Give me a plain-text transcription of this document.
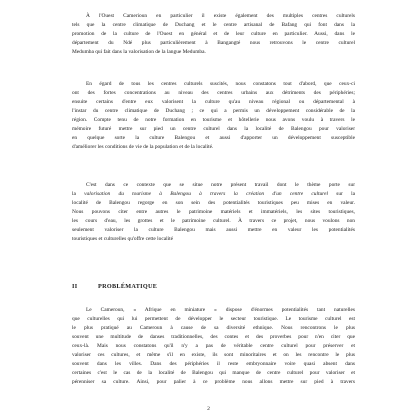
À l'Ouest Camerioun en particulier il existe également des multiples centres culturels
tels que la centre climatique de Duchang et le centre artisanal de Bafang qui font dans la
promotion de la culture de l'Ouest en général et de leur culture en particulier. Aussi, dans le
département du Ndé plus particulièrement à Bangangté nous retrouvons le centre culturel
Medumba qui fait dans la valorisation de la langue Medumba.
En égard de tous les centres culturels suscités, nous constatons tout d'abord, que ceux-ci
ont des fortes concentrations au niveau des centres urbains aux détriments des périphéries;
ensuite certains d'entre eux valorisent la culture qu'au niveau régional ou départemental à
l'instar du centre climatique de Duchang ; ce qui a permis un développement considérable de la
région. Compte tenu de notre formation en tourisme et hôtellerie nous avons voulu à travers le
mémoire futuré mettre sur pied un centre culturel dans la localité de Balengou pour valoriser
en quelque sorte la culture Balengou et aussi d'apporter un développement susceptible
d'améliorer les conditions de vie de la population et de la localité.
C'est dans ce contexte que se situe notre présent travail dont le thème porte sur
la valorisation du tourisme à Balengou à travers la création d'un centre culturel sur la
localité de Balengou regorge en son sein des potentialités touristiques peu mises en valeur.
Nous pouvons citer entre autres le patrimoine matériels et immatériels, les sites touristiques,
les cours d'eau, les grottes et le patrimoine culturel. À travers ce projet, nous voulons non
seulement valoriser la culture Balengou mais aussi mettre en valeur les potentialités
touristiques et culturelles qu'offre cette localité
II	PROBLÉMATIQUE
Le Cameroun, « Afrique en miniature » dispose d'énormes potentialités tant naturelles
que culturelles qui lui permettent de développer le secteur touristique. Le tourisme culturel est
le plus pratiqué au Cameroun à cause de sa diversité ethnique. Nous rencontrons le plus
souvent une multitude de danses traditionnelles, des contes et des proverbes pour n'en citer que
ceux-là. Mais nous constatons qu'il n'y a pas de véritable centre culturel pour préserver et
valoriser ces cultures, et même s'il en existe, ils sont minoritaires et on les rencontre le plus
souvent dans les villes. Dans des périphéries il reste embryonnaire voire quasi absent dans
certaines c'est le cas de la localité de Balengou qui manque de centre culturel pour valoriser et
pérenniser sa culture. Ainsi, pour palier à ce problème nous allons mettre sur pied à travers
2
